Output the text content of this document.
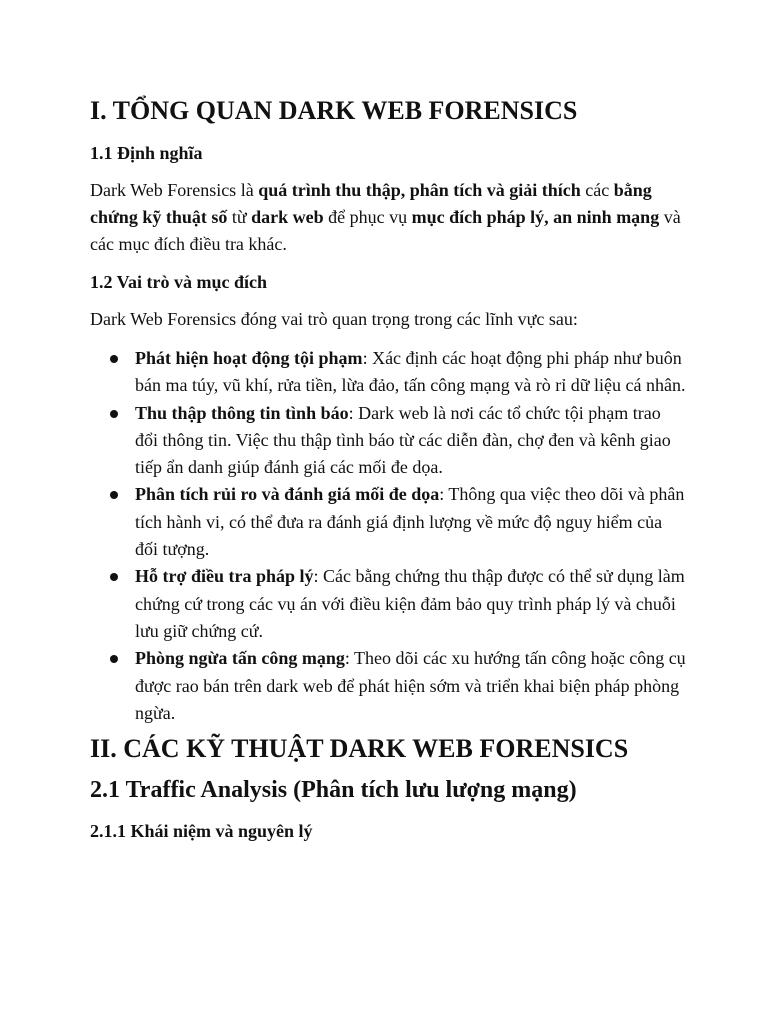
I. TỔNG QUAN DARK WEB FORENSICS
1.1 Định nghĩa

Dark Web Forensics là quá trình thu thập, phân tích và giải thích các bằng chứng kỹ thuật số từ dark web để phục vụ mục đích pháp lý, an ninh mạng và các mục đích điều tra khác.

1.2 Vai trò và mục đích

Dark Web Forensics đóng vai trò quan trọng trong các lĩnh vực sau:

Phát hiện hoạt động tội phạm: Xác định các hoạt động phi pháp như buôn bán ma túy, vũ khí, rửa tiền, lừa đảo, tấn công mạng và rò rỉ dữ liệu cá nhân.
Thu thập thông tin tình báo: Dark web là nơi các tổ chức tội phạm trao đổi thông tin. Việc thu thập tình báo từ các diễn đàn, chợ đen và kênh giao tiếp ẩn danh giúp đánh giá các mối đe dọa.
Phân tích rủi ro và đánh giá mối đe dọa: Thông qua việc theo dõi và phân tích hành vi, có thể đưa ra đánh giá định lượng về mức độ nguy hiểm của đối tượng.
Hỗ trợ điều tra pháp lý: Các bằng chứng thu thập được có thể sử dụng làm chứng cứ trong các vụ án với điều kiện đảm bảo quy trình pháp lý và chuỗi lưu giữ chứng cứ.
Phòng ngừa tấn công mạng: Theo dõi các xu hướng tấn công hoặc công cụ được rao bán trên dark web để phát hiện sớm và triển khai biện pháp phòng ngừa.
II. CÁC KỸ THUẬT DARK WEB FORENSICS
2.1 Traffic Analysis (Phân tích lưu lượng mạng)
2.1.1 Khái niệm và nguyên lý
